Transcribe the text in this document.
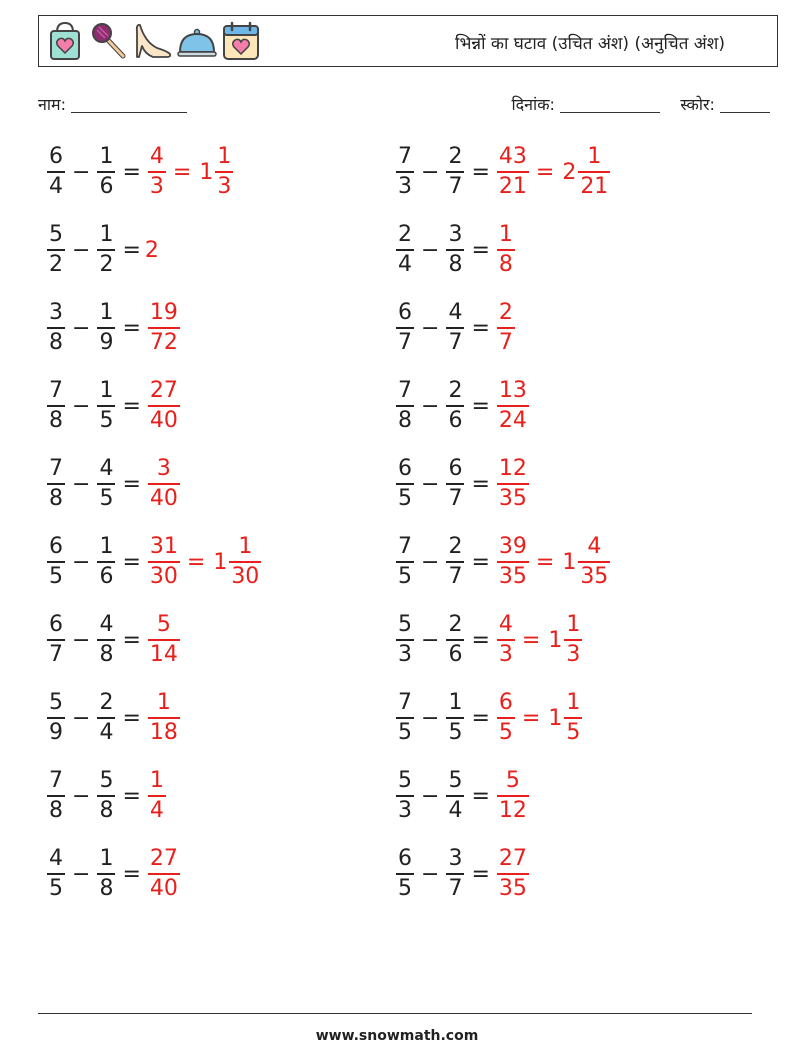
भिन्नों का घटाव (उचित अंश) (अनुचित अंश)
नाम:	दिनांक:	स्कोर:
$\frac{6}{4} - \frac{1}{6} = \frac{4}{3} = 1 \frac{1}{3}$	$\frac{7}{3} - \frac{2}{7} = \frac{43}{21} = 2 \frac{1}{21}$
$\frac{5}{2} - \frac{1}{2} = 2$	$\frac{2}{4} - \frac{3}{8} = \frac{1}{8}$
$\frac{3}{8} - \frac{1}{9} = \frac{19}{72}$	$\frac{6}{7} - \frac{4}{7} = \frac{2}{7}$
$\frac{7}{8} - \frac{1}{5} = \frac{27}{40}$	$\frac{7}{8} - \frac{2}{6} = \frac{13}{24}$
$\frac{7}{8} - \frac{4}{5} = \frac{3}{40}$	$\frac{6}{5} - \frac{6}{7} = \frac{12}{35}$
$\frac{6}{5} - \frac{1}{6} = \frac{31}{30} = 1 \frac{1}{30}$	$\frac{7}{5} - \frac{2}{7} = \frac{39}{35} = 1 \frac{4}{35}$
$\frac{6}{7} - \frac{4}{8} = \frac{5}{14}$	$\frac{5}{3} - \frac{2}{6} = \frac{4}{3} = 1 \frac{1}{3}$
$\frac{5}{9} - \frac{2}{4} = \frac{1}{18}$	$\frac{7}{5} - \frac{1}{5} = \frac{6}{5} = 1 \frac{1}{5}$
$\frac{7}{8} - \frac{5}{8} = \frac{1}{4}$	$\frac{5}{3} - \frac{5}{4} = \frac{5}{12}$
$\frac{4}{5} - \frac{1}{8} = \frac{27}{40}$	$\frac{6}{5} - \frac{3}{7} = \frac{27}{35}$
www.snowmath.com
